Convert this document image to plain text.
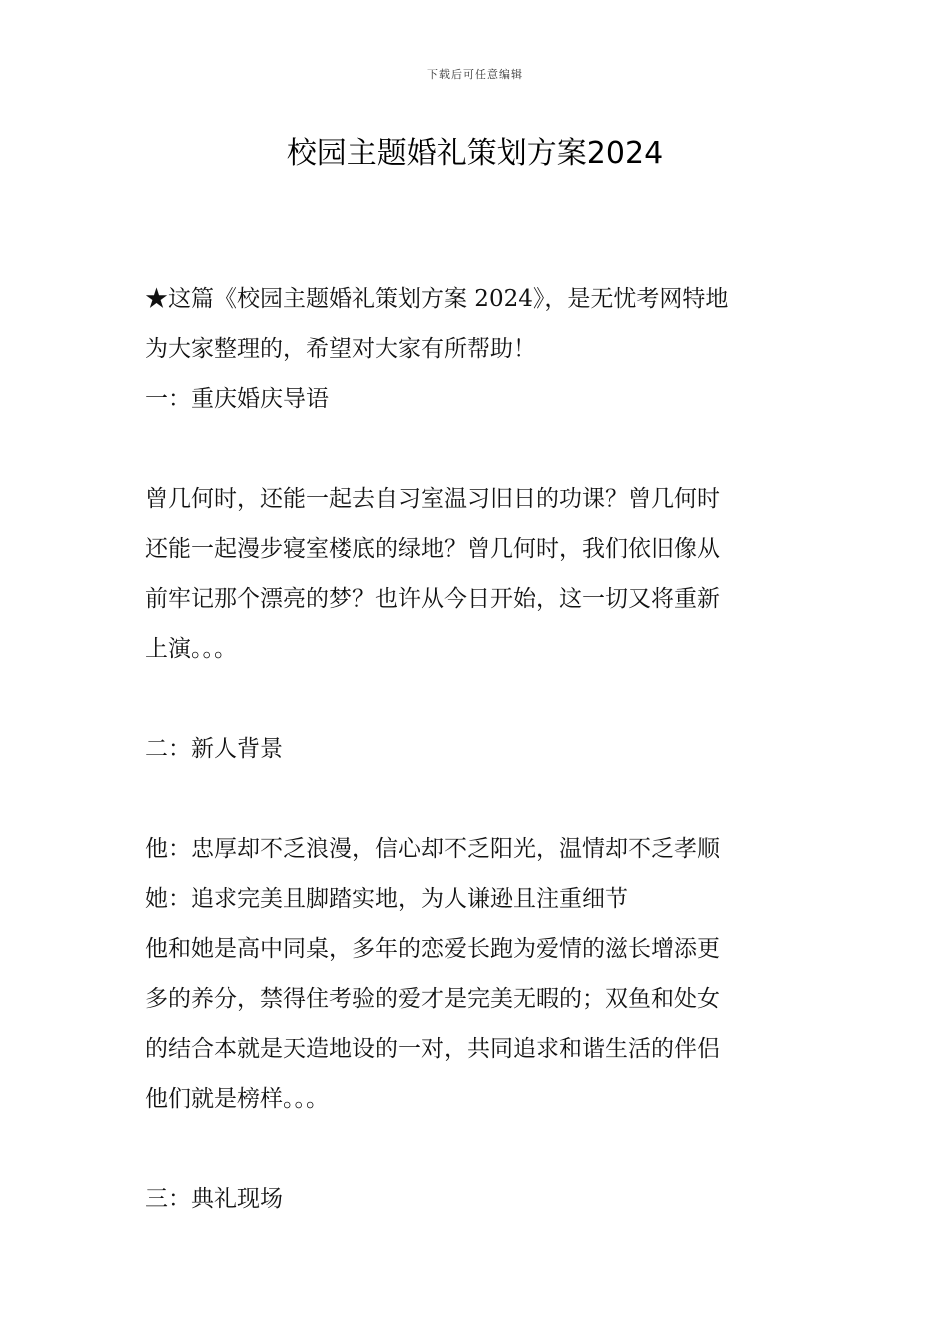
下载后可任意编辑
校园主题婚礼策划方案2024
★这篇《校园主题婚礼策划方案 2024》，是无忧考网特地
为大家整理的，希望对大家有所帮助！
一：重庆婚庆导语
曾几何时，还能一起去自习室温习旧日的功课？曾几何时
还能一起漫步寝室楼底的绿地？曾几何时，我们依旧像从
前牢记那个漂亮的梦？也许从今日开始，这一切又将重新
上演。。。
二：新人背景
他：忠厚却不乏浪漫，信心却不乏阳光，温情却不乏孝顺
她：追求完美且脚踏实地，为人谦逊且注重细节
他和她是高中同桌，多年的恋爱长跑为爱情的滋长增添更
多的养分，禁得住考验的爱才是完美无暇的；双鱼和处女
的结合本就是天造地设的一对，共同追求和谐生活的伴侣
他们就是榜样。。。
三：典礼现场
